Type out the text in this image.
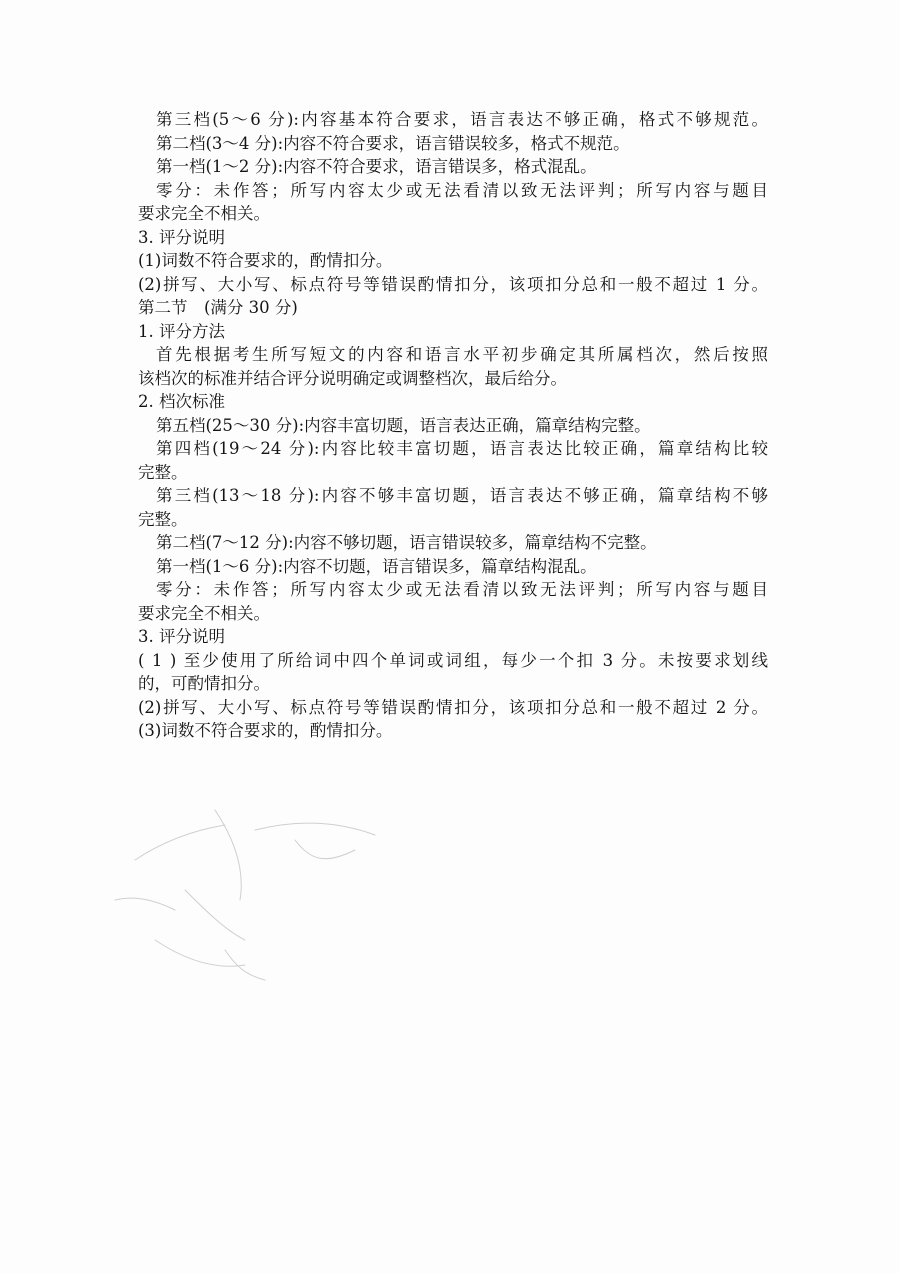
第三档(5～6 分):内容基本符合要求，语言表达不够正确，格式不够规范。
第二档(3～4 分):内容不符合要求，语言错误较多，格式不规范。
第一档(1～2 分):内容不符合要求，语言错误多，格式混乱。
零分：未作答；所写内容太少或无法看清以致无法评判；所写内容与题目
要求完全不相关。
3. 评分说明
(1)词数不符合要求的，酌情扣分。
(2)拼写、大小写、标点符号等错误酌情扣分，该项扣分总和一般不超过 1 分。
第二节　(满分 30 分)
1. 评分方法
首先根据考生所写短文的内容和语言水平初步确定其所属档次，然后按照
该档次的标准并结合评分说明确定或调整档次，最后给分。
2. 档次标准
第五档(25～30 分):内容丰富切题，语言表达正确，篇章结构完整。
第四档(19～24 分):内容比较丰富切题，语言表达比较正确，篇章结构比较
完整。
第三档(13～18 分):内容不够丰富切题，语言表达不够正确，篇章结构不够
完整。
第二档(7～12 分):内容不够切题，语言错误较多，篇章结构不完整。
第一档(1～6 分):内容不切题，语言错误多，篇章结构混乱。
零分：未作答；所写内容太少或无法看清以致无法评判；所写内容与题目
要求完全不相关。
3. 评分说明
( 1 ) 至少使用了所给词中四个单词或词组，每少一个扣 3 分。未按要求划线
的，可酌情扣分。
(2)拼写、大小写、标点符号等错误酌情扣分，该项扣分总和一般不超过 2 分。
(3)词数不符合要求的，酌情扣分。
